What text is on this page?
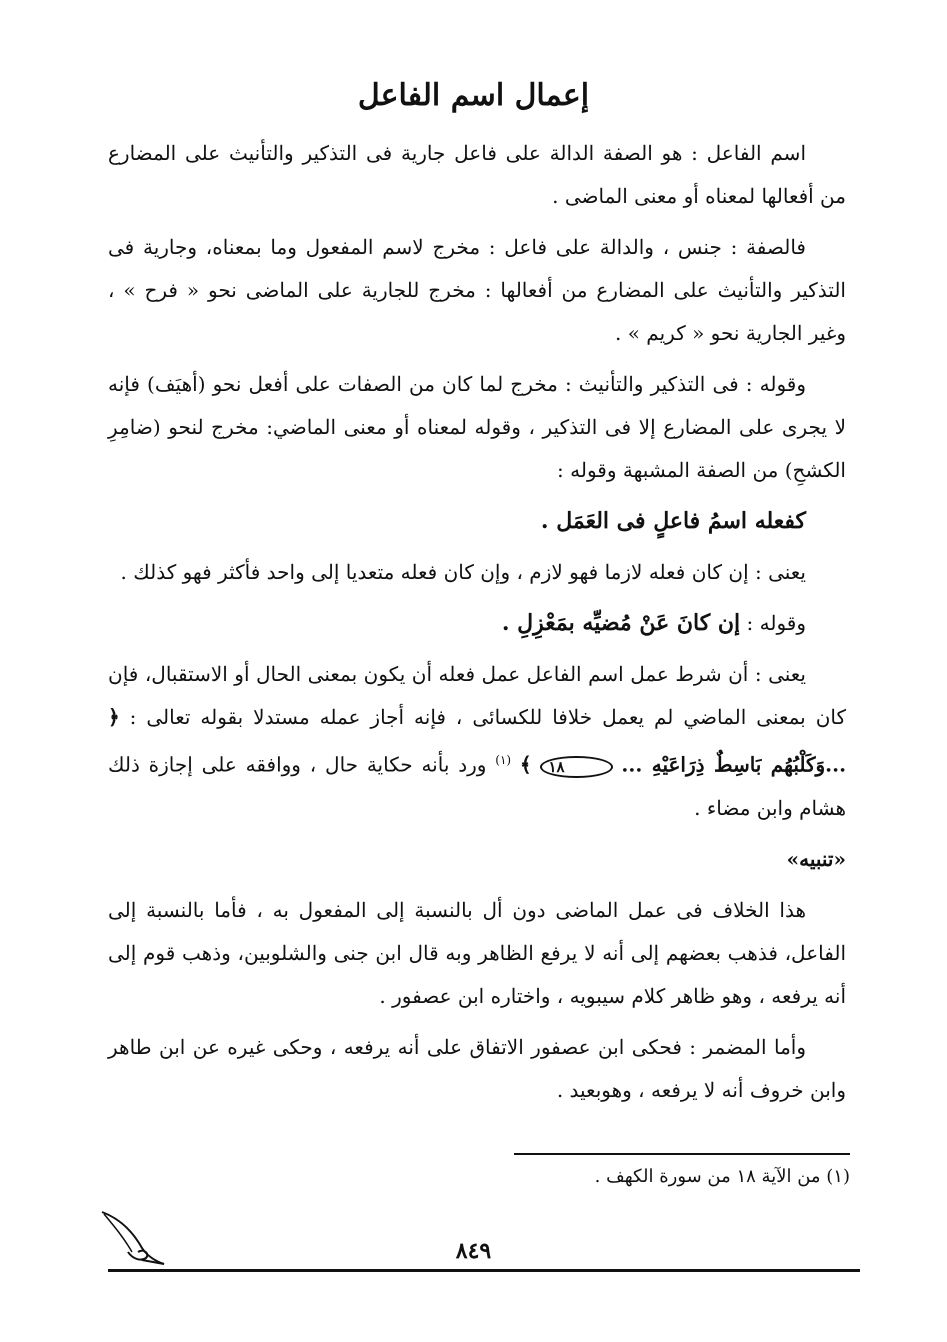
إعمال اسم الفاعل

اسم الفاعل : هو الصفة الدالة على فاعل جارية فى التذكير والتأنيث على المضارع من أفعالها لمعناه أو معنى الماضى .

فالصفة : جنس ، والدالة على فاعل : مخرج لاسم المفعول وما بمعناه، وجارية فى التذكير والتأنيث على المضارع من أفعالها : مخرج للجارية على الماضى نحو « فرح » ، وغير الجارية نحو « كريم » .

وقوله : فى التذكير والتأنيث : مخرج لما كان من الصفات على أفعل نحو (أهيَف) فإنه لا يجرى على المضارع إلا فى التذكير ، وقوله لمعناه أو معنى الماضي: مخرج لنحو (ضامِرِ الكشحِ) من الصفة المشبهة وقوله :

كفعله اسمُ فاعلٍ فى العَمَل .

يعنى : إن كان فعله لازما فهو لازم ، وإن كان فعله متعديا إلى واحد فأكثر فهو كذلك .

وقوله : إن كانَ عَنْ مُضيِّه بمَعْزِلِ .

يعنى : أن شرط عمل اسم الفاعل عمل فعله أن يكون بمعنى الحال أو الاستقبال، فإن كان بمعنى الماضي لم يعمل خلافا للكسائى ، فإنه أجاز عمله مستدلا بقوله تعالى : ﴿ ...وَكَلْبُهُم بَاسِطٌ ذِرَاعَيْهِ ... ١٨ ﴾ $^{(١)}$ ورد بأنه حكاية حال ، ووافقه على إجازة ذلك هشام وابن مضاء .

«تنبيه»

هذا الخلاف فى عمل الماضى دون أل بالنسبة إلى المفعول به ، فأما بالنسبة إلى الفاعل، فذهب بعضهم إلى أنه لا يرفع الظاهر وبه قال ابن جنى والشلوبين، وذهب قوم إلى أنه يرفعه ، وهو ظاهر كلام سيبويه ، واختاره ابن عصفور .

وأما المضمر : فحكى ابن عصفور الاتفاق على أنه يرفعه ، وحكى غيره عن ابن طاهر وابن خروف أنه لا يرفعه ، وهوبعيد .

(١) من الآية ١٨ من سورة الكهف .
٨٤٩
